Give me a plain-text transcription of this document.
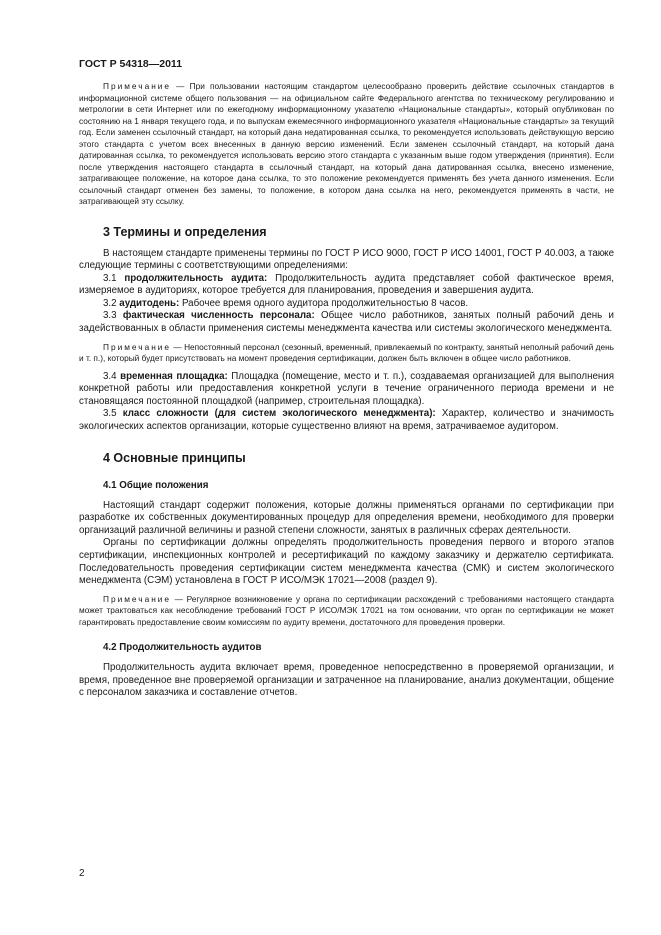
ГОСТ Р 54318—2011

Примечание — При пользовании настоящим стандартом целесообразно проверить действие ссылочных стандартов в информационной системе общего пользования — на официальном сайте Федерального агентства по техническому регулированию и метрологии в сети Интернет или по ежегодному информационному указателю «Национальные стандарты», который опубликован по состоянию на 1 января текущего года, и по выпускам ежемесячного информационного указателя «Национальные стандарты» за текущий год. Если заменен ссылочный стандарт, на который дана недатированная ссылка, то рекомендуется использовать действующую версию этого стандарта с учетом всех внесенных в данную версию изменений. Если заменен ссылочный стандарт, на который дана датированная ссылка, то рекомендуется использовать версию этого стандарта с указанным выше годом утверждения (принятия). Если после утверждения настоящего стандарта в ссылочный стандарт, на который дана датированная ссылка, внесено изменение, затрагивающее положение, на которое дана ссылка, то это положение рекомендуется применять без учета данного изменения. Если ссылочный стандарт отменен без замены, то положение, в котором дана ссылка на него, рекомендуется применять в части, не затрагивающей эту ссылку.

3 Термины и определения

В настоящем стандарте применены термины по ГОСТ Р ИСО 9000, ГОСТ Р ИСО 14001, ГОСТ Р 40.003, а также следующие термины с соответствующими определениями:

3.1 продолжительность аудита: Продолжительность аудита представляет собой фактическое время, измеряемое в аудиториях, которое требуется для планирования, проведения и завершения аудита.

3.2 аудитодень: Рабочее время одного аудитора продолжительностью 8 часов.

3.3 фактическая численность персонала: Общее число работников, занятых полный рабочий день и задействованных в области применения системы менеджмента качества или системы экологического менеджмента.

Примечание — Непостоянный персонал (сезонный, временный, привлекаемый по контракту, занятый неполный рабочий день и т. п.), который будет присутствовать на момент проведения сертификации, должен быть включен в общее число работников.

3.4 временная площадка: Площадка (помещение, место и т. п.), создаваемая организацией для выполнения конкретной работы или предоставления конкретной услуги в течение ограниченного периода времени и не становящаяся постоянной площадкой (например, строительная площадка).

3.5 класс сложности (для систем экологического менеджмента): Характер, количество и значимость экологических аспектов организации, которые существенно влияют на время, затрачиваемое аудитором.

4 Основные принципы
4.1 Общие положения

Настоящий стандарт содержит положения, которые должны применяться органами по сертификации при разработке их собственных документированных процедур для определения времени, необходимого для проверки организаций различной величины и разной степени сложности, занятых в различных сферах деятельности.

Органы по сертификации должны определять продолжительность проведения первого и второго этапов сертификации, инспекционных контролей и ресертификаций по каждому заказчику и держателю сертификата. Последовательность проведения сертификации систем менеджмента качества (СМК) и систем экологического менеджмента (СЭМ) установлена в ГОСТ Р ИСО/МЭК 17021—2008 (раздел 9).

Примечание — Регулярное возникновение у органа по сертификации расхождений с требованиями настоящего стандарта может трактоваться как несоблюдение требований ГОСТ Р ИСО/МЭК 17021 на том основании, что орган по сертификации не может гарантировать предоставление своим комиссиям по аудиту времени, достаточного для проведения проверки.

4.2 Продолжительность аудитов

Продолжительность аудита включает время, проведенное непосредственно в проверяемой организации, и время, проведенное вне проверяемой организации и затраченное на планирование, анализ документации, общение с персоналом заказчика и составление отчетов.

2
